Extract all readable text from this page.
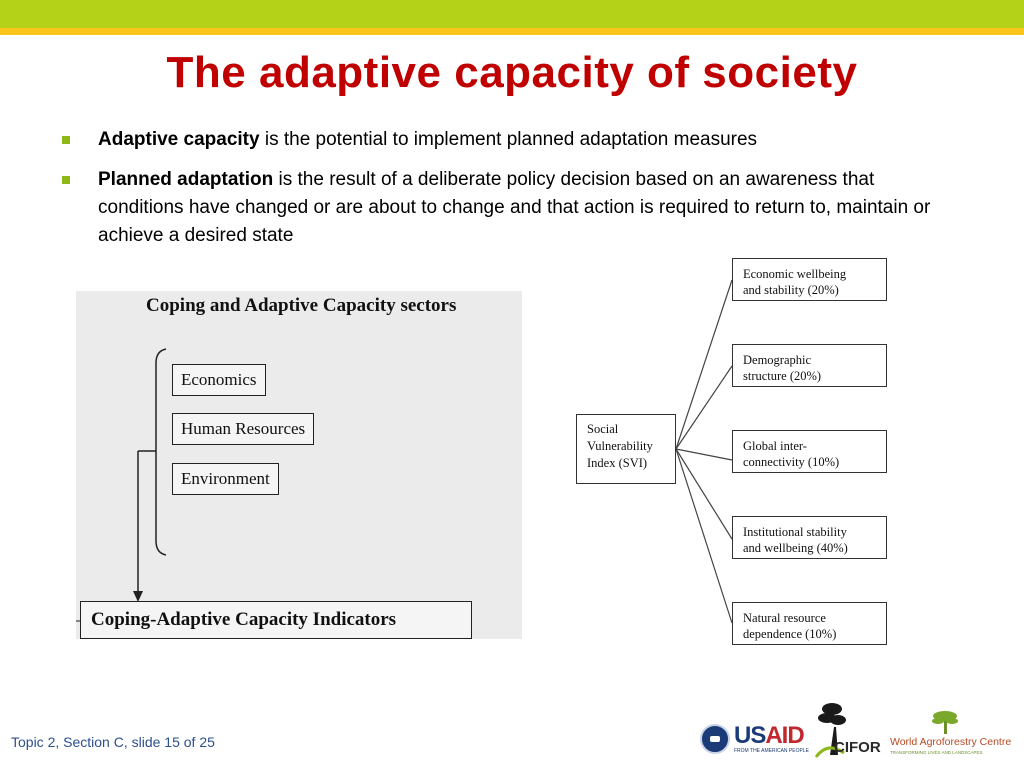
The adaptive capacity of society
Adaptive capacity is the potential to implement planned adaptation measures
Planned adaptation is the result of a deliberate policy decision based on an awareness that conditions have changed or are about to change and that action is required to return to, maintain or achieve a desired state
Coping and Adaptive Capacity sectors
Economics
Human Resources
Environment
Coping-Adaptive Capacity Indicators
Social
Vulnerability
Index (SVI)
Economic wellbeing
and stability (20%)
Demographic
structure (20%)
Global inter-
connectivity (10%)
Institutional stability
and wellbeing (40%)
Natural resource
dependence (10%)
Topic 2, Section C, slide 15 of 25	USAID
FROM THE AMERICAN PEOPLE CIFOR World Agroforestry Centre
TRANSFORMING LIVES AND LANDSCAPES
